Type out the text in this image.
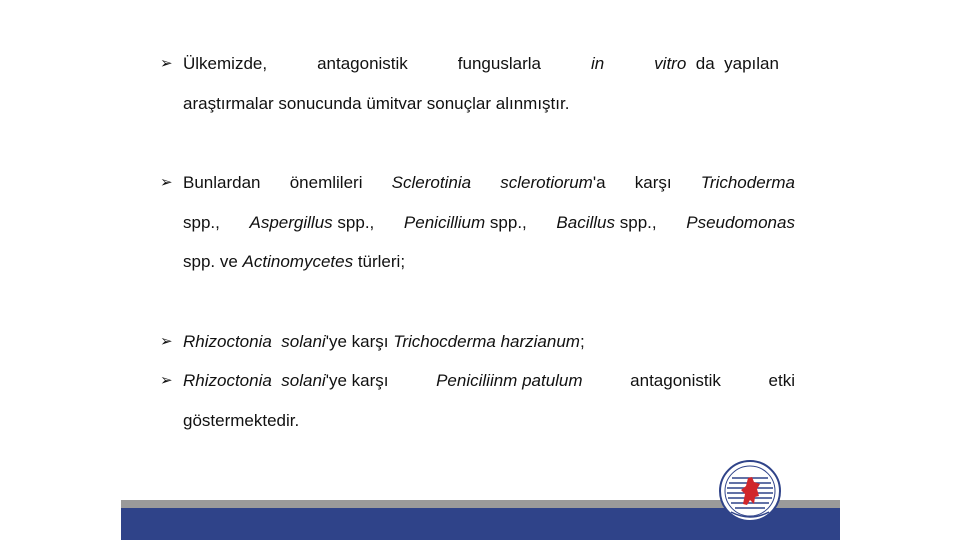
➢ Ülkemizde,	antagonistik	funguslarla	in	vitro da yapılan
araştırmalar sonucunda ümitvar sonuçlar alınmıştır.
➢ Bunlardan önemlileri Sclerotinia sclerotiorum'a karşı Trichoderma
spp., Aspergillus spp., Penicillium spp., Bacillus spp., Pseudomonas
spp. ve Actinomycetes türleri;
➢ Rhizoctonia solani'ye karşı Trichocderma harzianum;
➢ Rhizoctonia solani'ye karşı	Peniciliinm patulum	antagonistik	etki
göstermektedir.
